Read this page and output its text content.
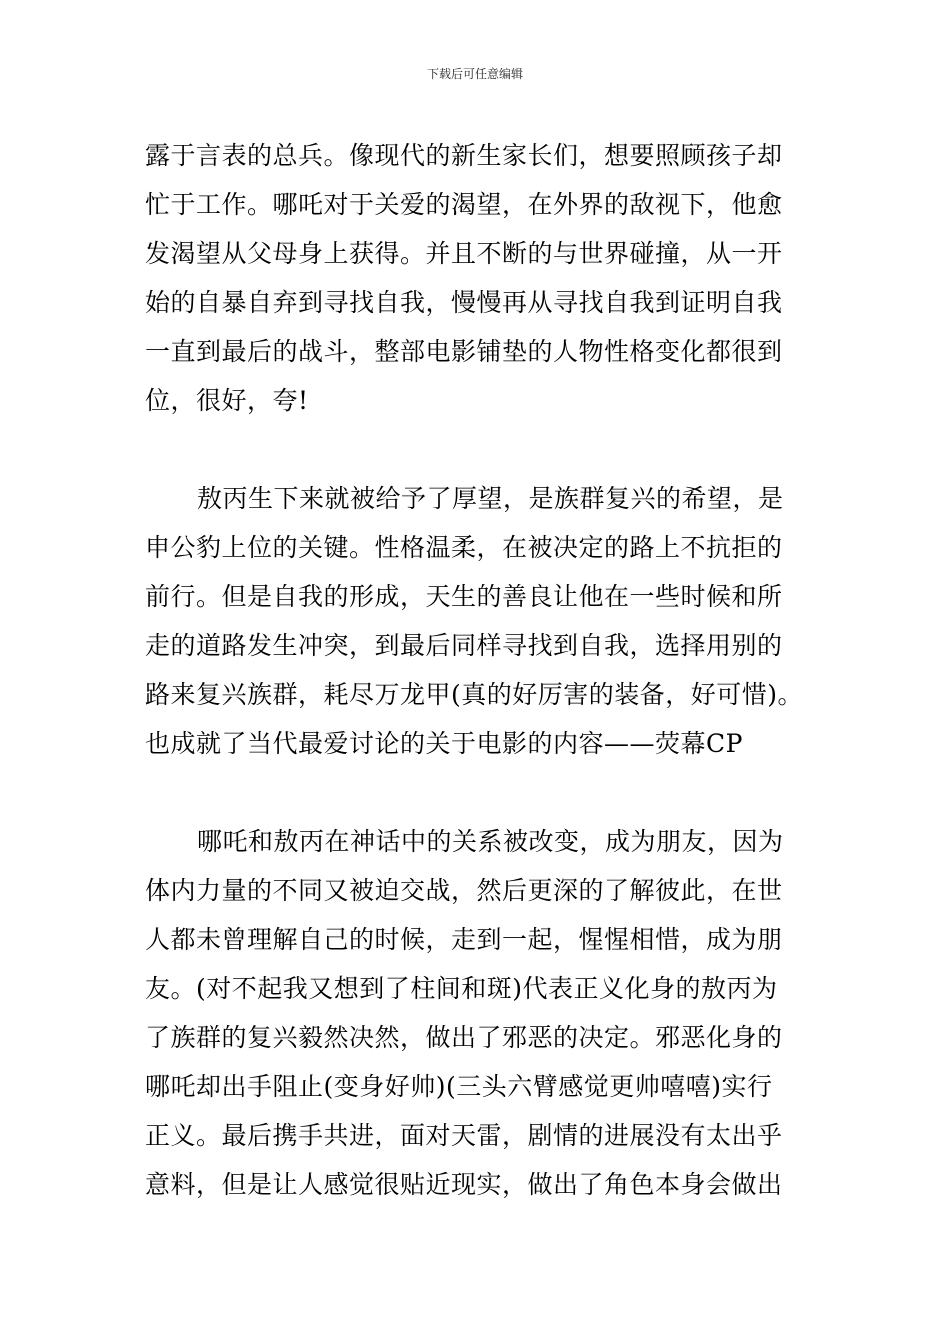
下载后可任意编辑
露于言表的总兵。像现代的新生家长们，想要照顾孩子却
忙于工作。哪吒对于关爱的渴望，在外界的敌视下，他愈
发渴望从父母身上获得。并且不断的与世界碰撞，从一开
始的自暴自弃到寻找自我，慢慢再从寻找自我到证明自我
一直到最后的战斗，整部电影铺垫的人物性格变化都很到
位，很好，夸!
敖丙生下来就被给予了厚望，是族群复兴的希望，是
申公豹上位的关键。性格温柔，在被决定的路上不抗拒的
前行。但是自我的形成，天生的善良让他在一些时候和所
走的道路发生冲突，到最后同样寻找到自我，选择用别的
路来复兴族群，耗尽万龙甲(真的好厉害的装备，好可惜)。
也成就了当代最爱讨论的关于电影的内容——荧幕CP
哪吒和敖丙在神话中的关系被改变，成为朋友，因为
体内力量的不同又被迫交战，然后更深的了解彼此，在世
人都未曾理解自己的时候，走到一起，惺惺相惜，成为朋
友。(对不起我又想到了柱间和斑)代表正义化身的敖丙为
了族群的复兴毅然决然，做出了邪恶的决定。邪恶化身的
哪吒却出手阻止(变身好帅)(三头六臂感觉更帅嘻嘻)实行
正义。最后携手共进，面对天雷，剧情的进展没有太出乎
意料，但是让人感觉很贴近现实，做出了角色本身会做出
